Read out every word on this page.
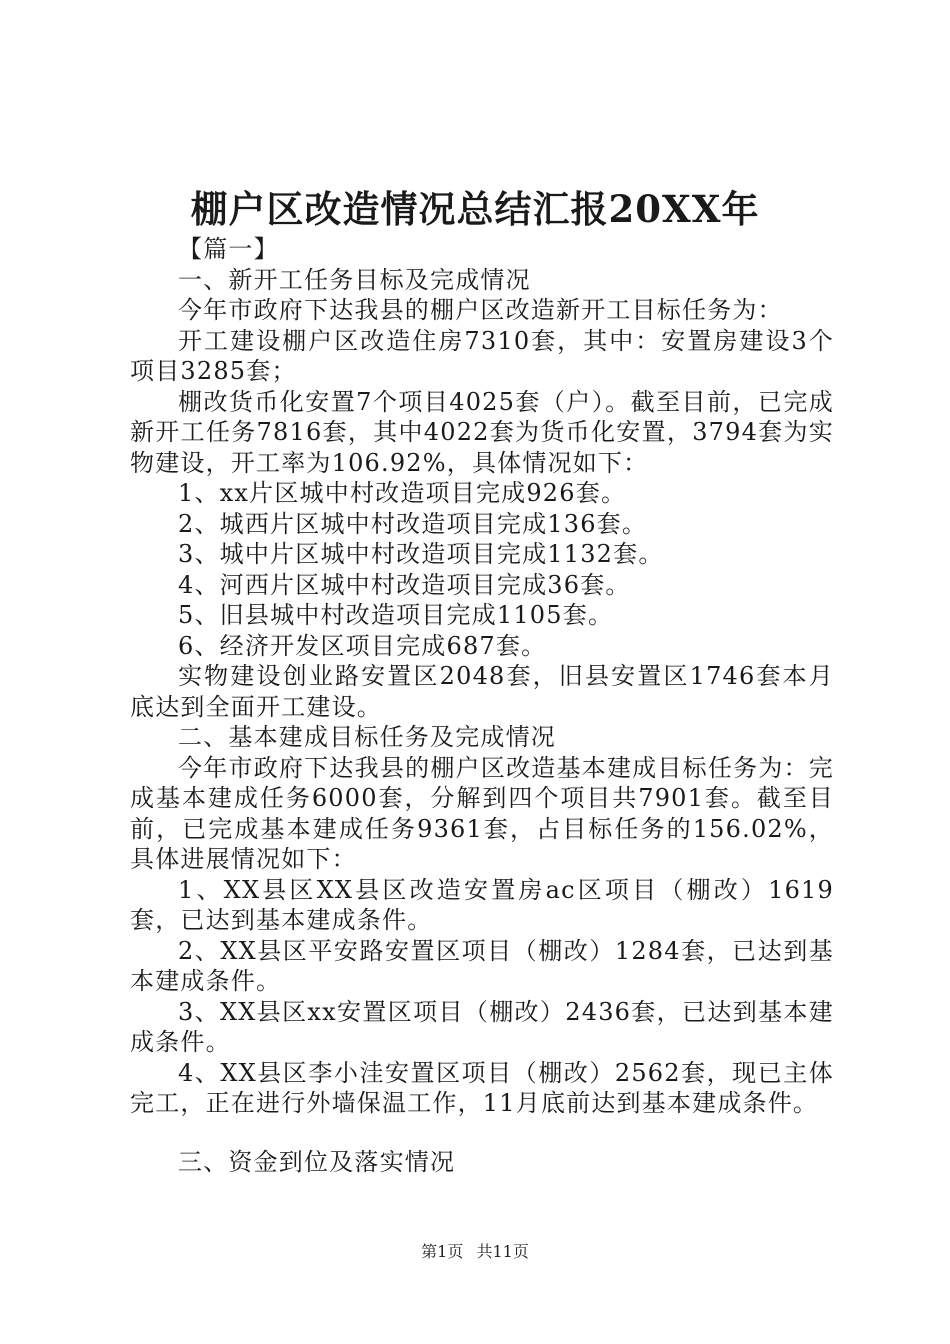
棚户区改造情况总结汇报20XX年

【篇一】

一、新开工任务目标及完成情况

今年市政府下达我县的棚户区改造新开工目标任务为：

开工建设棚户区改造住房7310套，其中：安置房建设3个项目3285套；

棚改货币化安置7个项目4025套（户）。截至目前，已完成新开工任务7816套，其中4022套为货币化安置，3794套为实物建设，开工率为106.92%，具体情况如下：

1、xx片区城中村改造项目完成926套。

2、城西片区城中村改造项目完成136套。

3、城中片区城中村改造项目完成1132套。

4、河西片区城中村改造项目完成36套。

5、旧县城中村改造项目完成1105套。

6、经济开发区项目完成687套。

实物建设创业路安置区2048套，旧县安置区1746套本月底达到全面开工建设。

二、基本建成目标任务及完成情况

今年市政府下达我县的棚户区改造基本建成目标任务为：完成基本建成任务6000套，分解到四个项目共7901套。截至目前，已完成基本建成任务9361套，占目标任务的156.02%，具体进展情况如下：

1、XX县区XX县区改造安置房ac区项目（棚改）1619套，已达到基本建成条件。

2、XX县区平安路安置区项目（棚改）1284套，已达到基本建成条件。

3、XX县区xx安置区项目（棚改）2436套，已达到基本建成条件。

4、XX县区李小洼安置区项目（棚改）2562套，现已主体完工，正在进行外墙保温工作，11月底前达到基本建成条件。

三、资金到位及落实情况

第1页 共11页
